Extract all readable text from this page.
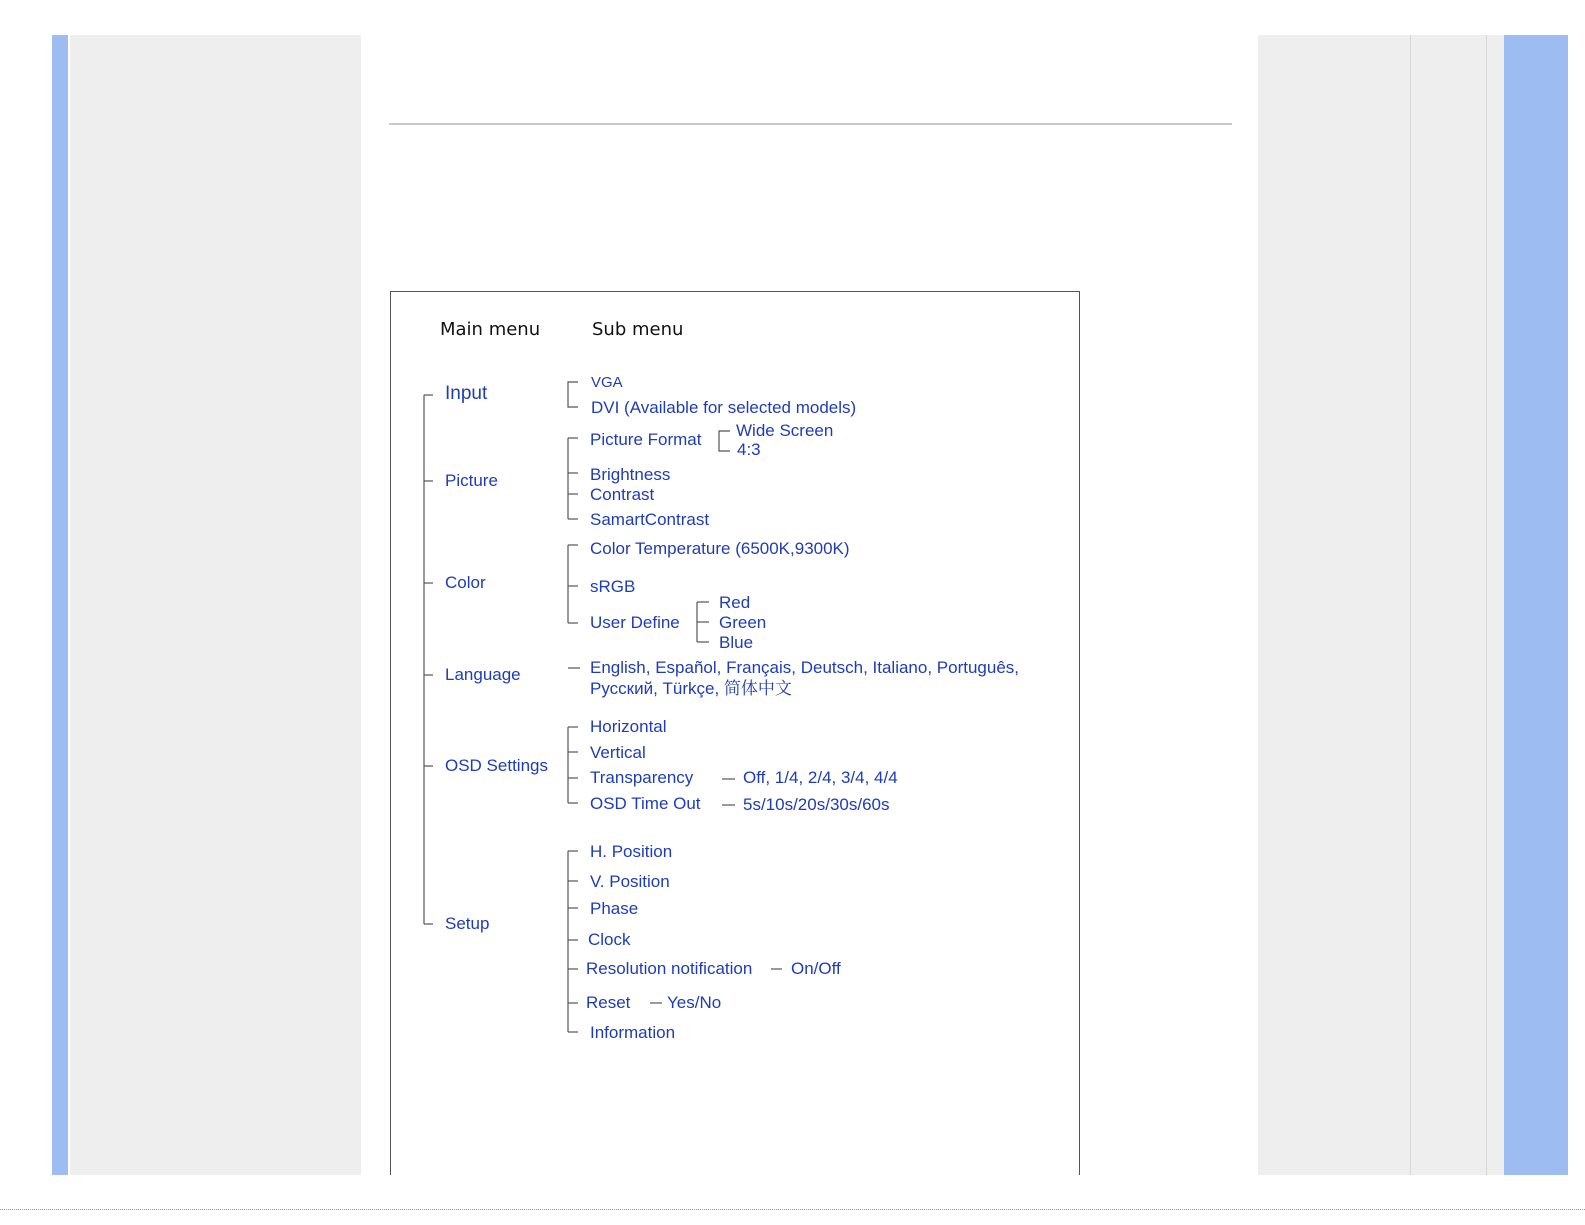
Main menu	Sub menu
Input
Picture
Color
Language
OSD Settings
Setup
VGA
DVI (Available for selected models)
Picture Format Wide Screen
4:3
Brightness
Contrast
SamartContrast
Color Temperature (6500K,9300K)
sRGB
User Define
Red
Green
Blue
English, Español, Français, Deutsch, Italiano, Português,
Русский, Türkçe, 简体中文
Horizontal
Vertical
Transparency	Off, 1/4, 2/4, 3/4, 4/4
OSD Time Out 5s/10s/20s/30s/60s
H. Position
V. Position
Phase
Clock
Resolution notification On/Off
Reset Yes/No
Information
